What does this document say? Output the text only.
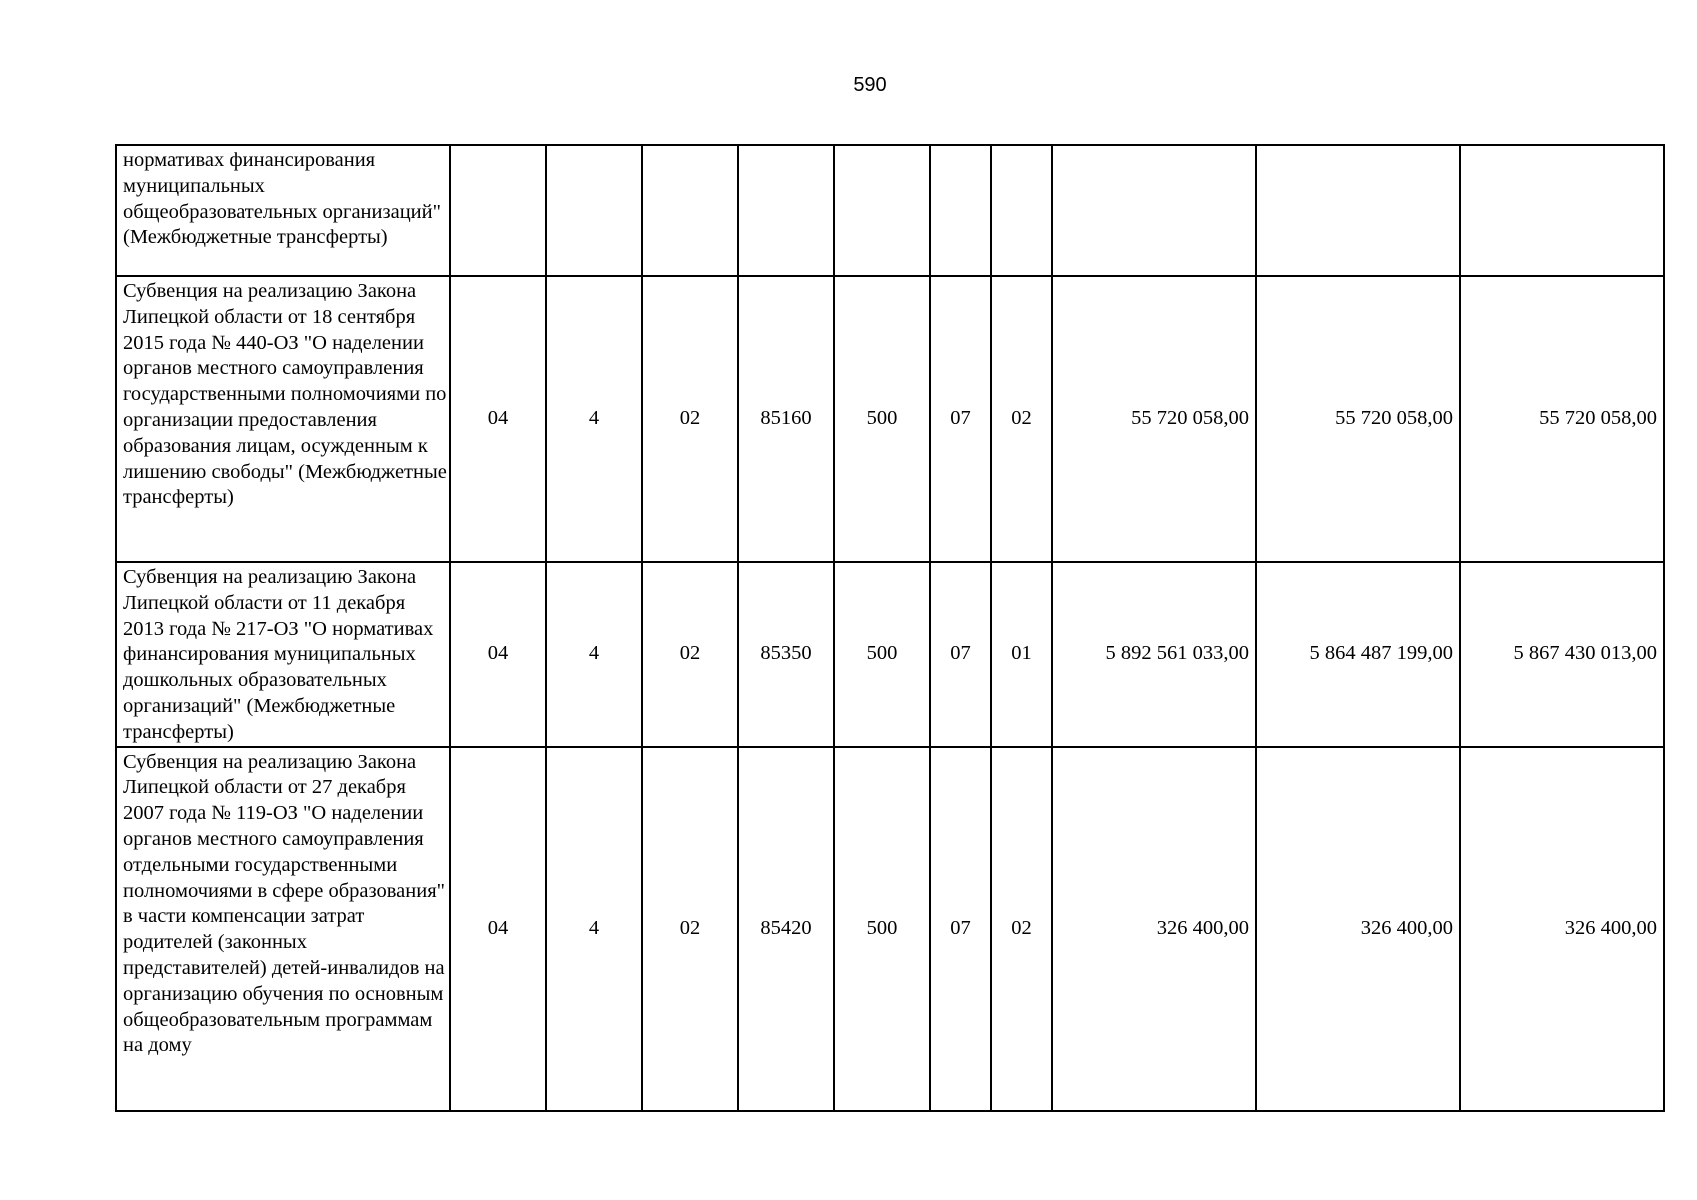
590
нормативах финансирования муниципальных общеобразовательных организаций" (Межбюджетные трансферты)										
Субвенция на реализацию Закона Липецкой области от 18 сентября 2015 года № 440-ОЗ "О наделении органов местного самоуправления государственными полномочиями по организации предоставления образования лицам, осужденным к лишению свободы" (Межбюджетные трансферты)	04	4	02	85160	500	07	02	55 720 058,00	55 720 058,00	55 720 058,00
Субвенция на реализацию Закона Липецкой области от 11 декабря 2013 года № 217-ОЗ "О нормативах финансирования муниципальных дошкольных образовательных организаций" (Межбюджетные трансферты)	04	4	02	85350	500	07	01	5 892 561 033,00	5 864 487 199,00	5 867 430 013,00
Субвенция на реализацию Закона Липецкой области от 27 декабря 2007 года № 119-ОЗ "О наделении органов местного самоуправления отдельными государственными полномочиями в сфере образования" в части компенсации затрат родителей (законных представителей) детей-инвалидов на организацию обучения по основным общеобразовательным программам на дому	04	4	02	85420	500	07	02	326 400,00	326 400,00	326 400,00
